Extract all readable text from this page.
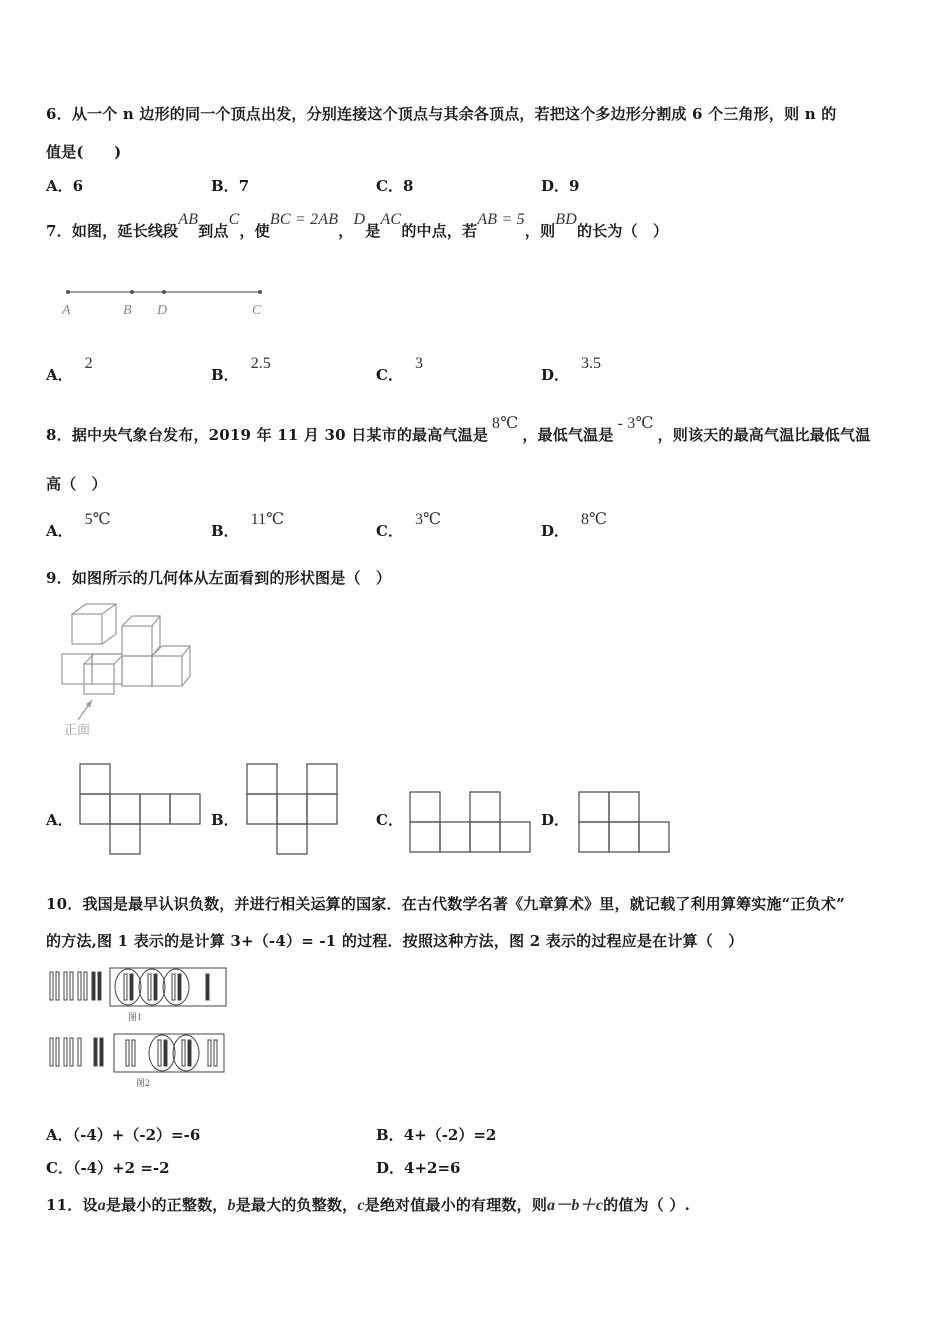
6．从一个 n 边形的同一个顶点出发，分别连接这个顶点与其余各顶点，若把这个多边形分割成 6 个三角形，则 n 的
值是(　　)
A．6	B．7	C．8	D．9
7．如图，延长线段AB到点C，使BC = 2AB，D是AC的中点，若AB = 5，则BD的长为（　）
A	B D	C
A．2
B．2.5
C．3
D．3.5
8．据中央气象台发布，2019 年 11 月 30 日某市的最高气温是8℃，最低气温是- 3℃，则该天的最高气温比最低气温
高（　）
A．5℃
B．11℃
C．3℃
D．8℃
9．如图所示的几何体从左面看到的形状图是（　）
正面
A．	B．	C．	D．
10．我国是最早认识负数，并进行相关运算的国家．在古代数学名著《九章算术》里，就记载了利用算筹实施“正负术”
的方法,图 1 表示的是计算 3+（-4）= -1 的过程．按照这种方法，图 2 表示的过程应是在计算（　）
图1
图2
A．（-4）+（-2）=-6	B．4+（-2）=2
C．（-4）+2 =-2	D．4+2=6
11．设a是最小的正整数，b是最大的负整数，c是绝对值最小的有理数，则a－b＋c的值为（ ）.
